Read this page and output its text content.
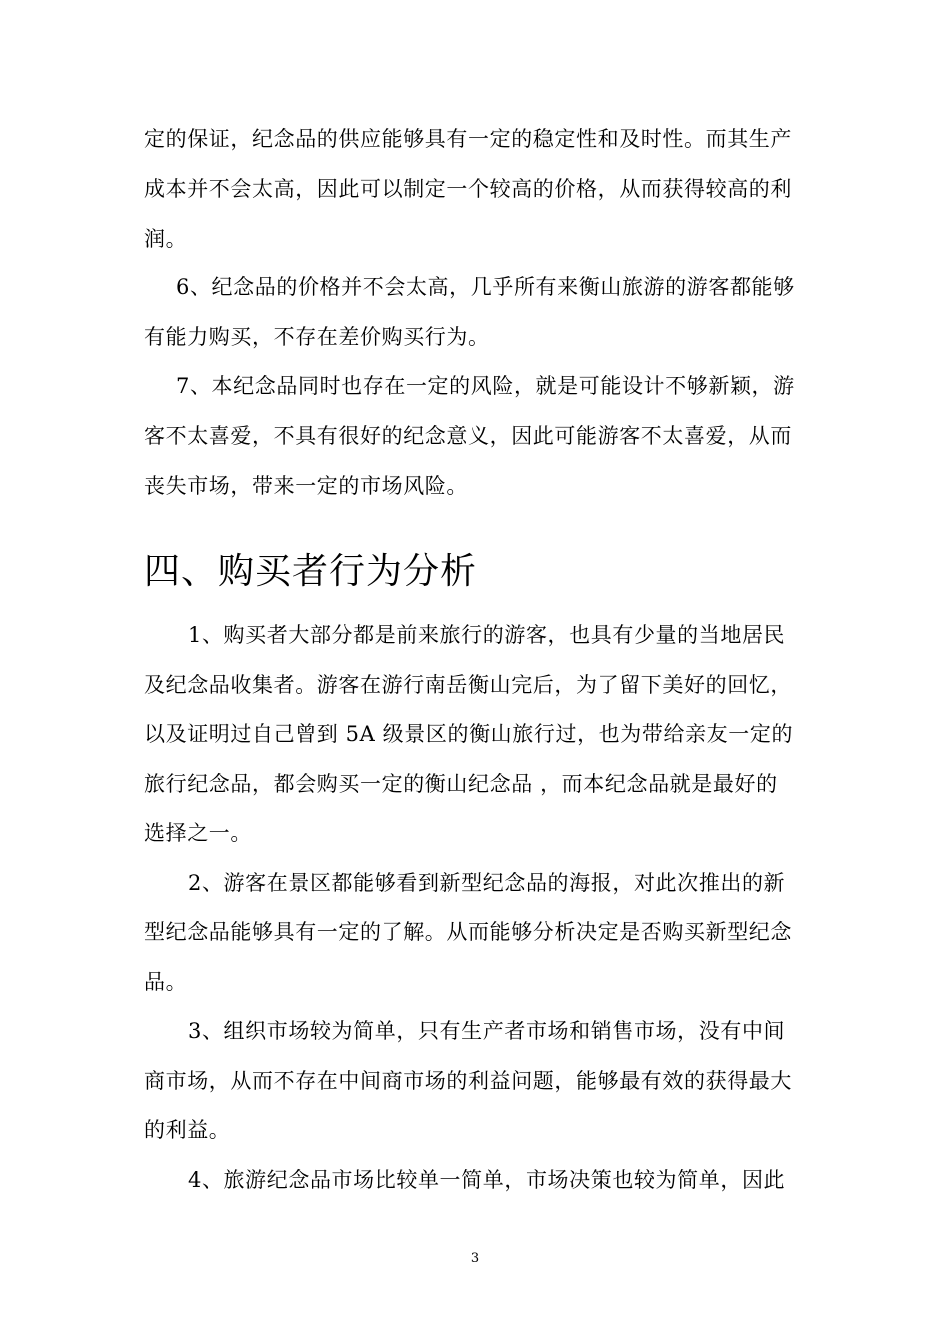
定的保证，纪念品的供应能够具有一定的稳定性和及时性。而其生产
成本并不会太高，因此可以制定一个较高的价格，从而获得较高的利
润。
6、纪念品的价格并不会太高，几乎所有来衡山旅游的游客都能够
有能力购买，不存在差价购买行为。
7、本纪念品同时也存在一定的风险，就是可能设计不够新颖，游
客不太喜爱，不具有很好的纪念意义，因此可能游客不太喜爱，从而
丧失市场，带来一定的市场风险。
四、购买者行为分析
1、购买者大部分都是前来旅行的游客，也具有少量的当地居民
及纪念品收集者。游客在游行南岳衡山完后，为了留下美好的回忆，
以及证明过自己曾到 5A 级景区的衡山旅行过，也为带给亲友一定的
旅行纪念品，都会购买一定的衡山纪念品 ，而本纪念品就是最好的
选择之一。
2、游客在景区都能够看到新型纪念品的海报，对此次推出的新
型纪念品能够具有一定的了解。从而能够分析决定是否购买新型纪念
品。
3、组织市场较为简单，只有生产者市场和销售市场，没有中间
商市场，从而不存在中间商市场的利益问题，能够最有效的获得最大
的利益。
4、旅游纪念品市场比较单一简单，市场决策也较为简单，因此
3
